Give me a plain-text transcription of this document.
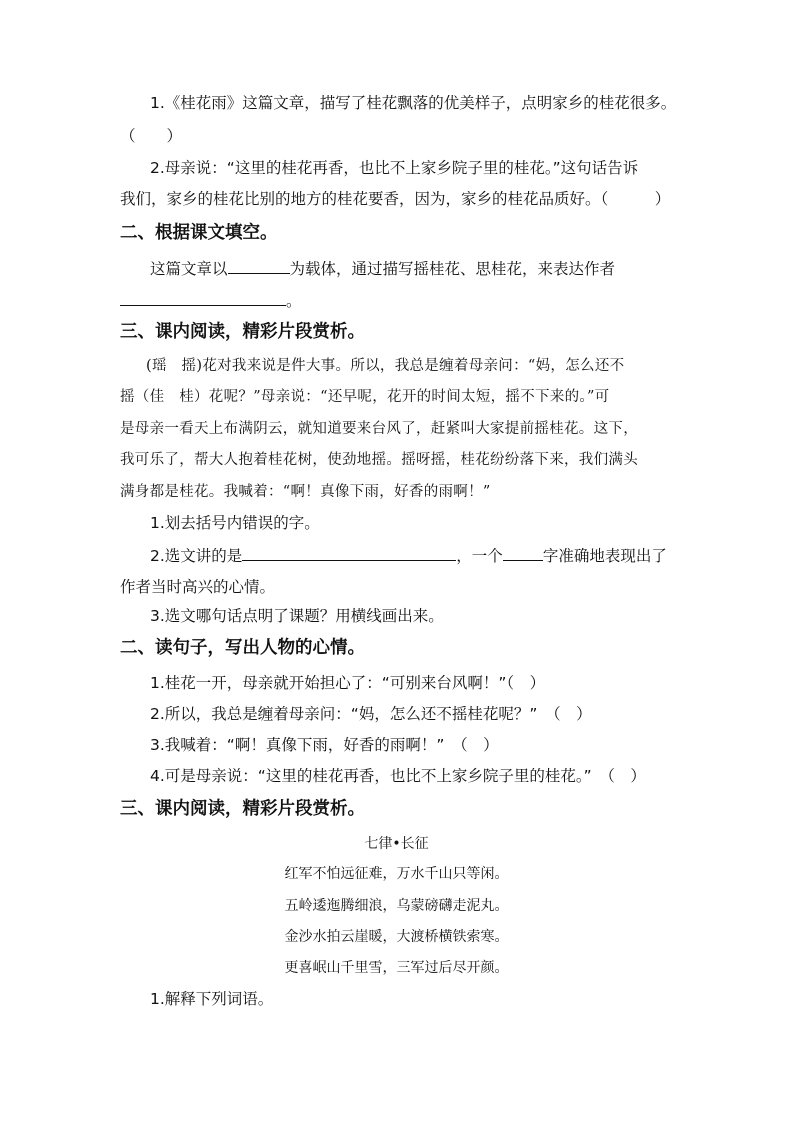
1.《桂花雨》这篇文章，描写了桂花飘落的优美样子，点明家乡的桂花很多。
（　　）
2.母亲说：“这里的桂花再香，也比不上家乡院子里的桂花。”这句话告诉
我们，家乡的桂花比别的地方的桂花要香，因为，家乡的桂花品质好。（　　　）
二、根据课文填空。
这篇文章以	为载体，通过描写摇桂花、思桂花，来表达作者
。
三、课内阅读，精彩片段赏析。
(瑶　摇)花对我来说是件大事。所以，我总是缠着母亲问：“妈，怎么还不
摇（佳　桂）花呢？”母亲说：“还早呢，花开的时间太短，摇不下来的。”可
是母亲一看天上布满阴云，就知道要来台风了，赶紧叫大家提前摇桂花。这下，
我可乐了，帮大人抱着桂花树，使劲地摇。摇呀摇，桂花纷纷落下来，我们满头
满身都是桂花。我喊着：“啊！真像下雨，好香的雨啊！”
1.划去括号内错误的字。
2.选文讲的是	，一个	字准确地表现出了
作者当时高兴的心情。
3.选文哪句话点明了课题？用横线画出来。
二、读句子，写出人物的心情。
1.桂花一开，母亲就开始担心了：“可别来台风啊！”（　）
2.所以，我总是缠着母亲问：“妈，怎么还不摇桂花呢？”　（　）
3.我喊着：“啊！真像下雨，好香的雨啊！”　（　）
4.可是母亲说：“这里的桂花再香，也比不上家乡院子里的桂花。”　（　）
三、课内阅读，精彩片段赏析。
七律•长征
红军不怕远征难，万水千山只等闲。
五岭逶迤腾细浪，乌蒙磅礴走泥丸。
金沙水拍云崖暖，大渡桥横铁索寒。
更喜岷山千里雪，三军过后尽开颜。
1.解释下列词语。
